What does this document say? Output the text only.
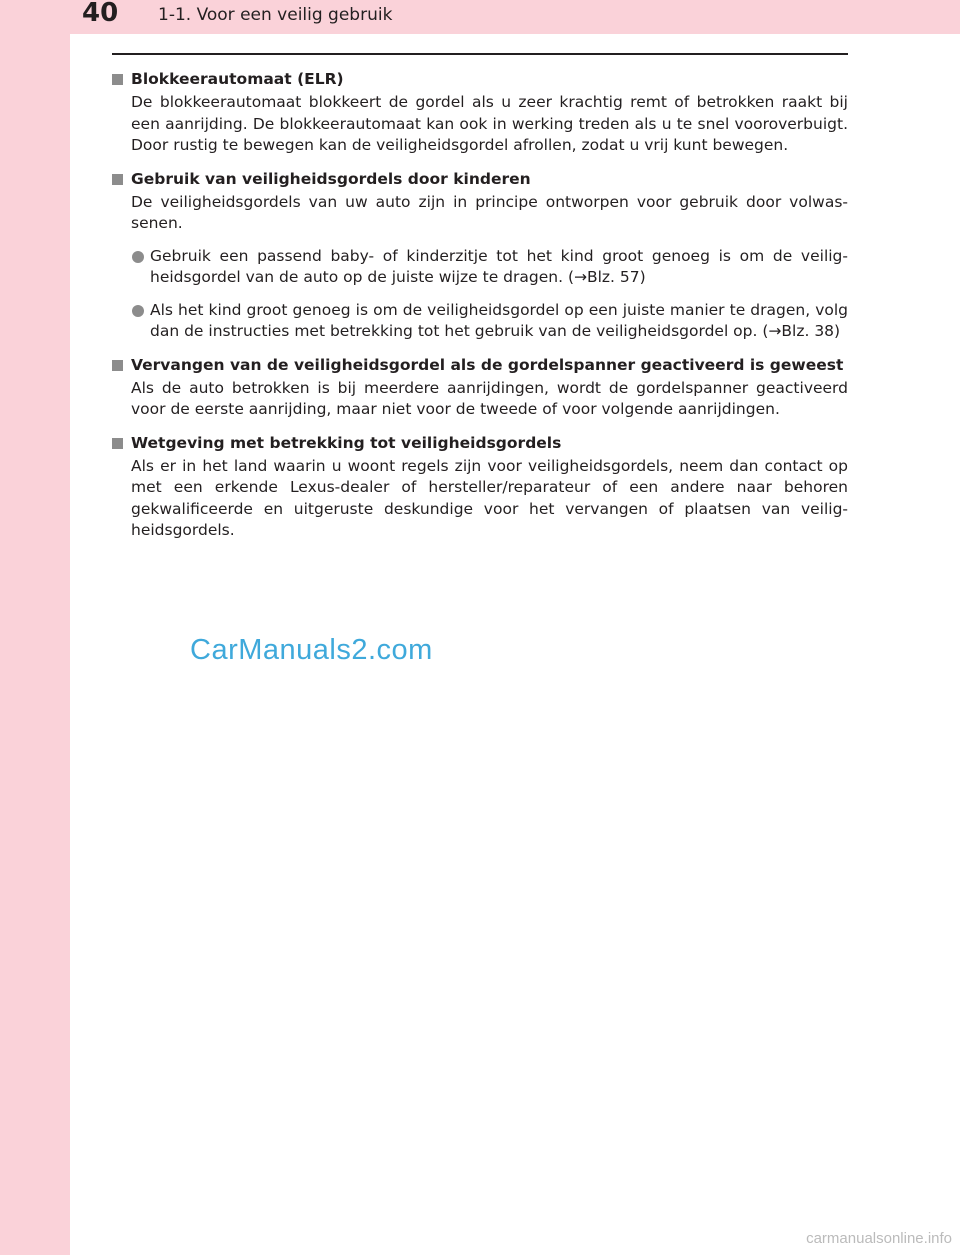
40 1-1. Voor een veilig gebruik
Blokkeerautomaat (ELR)
De blokkeerautomaat blokkeert de gordel als u zeer krachtig remt of betrokken raakt bij een aanrijding. De blokkeerautomaat kan ook in werking treden als u te snel vooroverbuigt. Door rustig te bewegen kan de veiligheidsgordel afrollen, zodat u vrij kunt bewegen.
Gebruik van veiligheidsgordels door kinderen
De veiligheidsgordels van uw auto zijn in principe ontworpen voor gebruik door volwassenen.
Gebruik een passend baby- of kinderzitje tot het kind groot genoeg is om de veiligheidsgordel van de auto op de juiste wijze te dragen. (→Blz. 57)
Als het kind groot genoeg is om de veiligheidsgordel op een juiste manier te dragen, volg dan de instructies met betrekking tot het gebruik van de veiligheidsgordel op. (→Blz. 38)
Vervangen van de veiligheidsgordel als de gordelspanner geactiveerd is geweest
Als de auto betrokken is bij meerdere aanrijdingen, wordt de gordelspanner geactiveerd voor de eerste aanrijding, maar niet voor de tweede of voor volgende aanrijdingen.
Wetgeving met betrekking tot veiligheidsgordels
Als er in het land waarin u woont regels zijn voor veiligheidsgordels, neem dan contact op met een erkende Lexus-dealer of hersteller/reparateur of een andere naar behoren gekwalificeerde en uitgeruste deskundige voor het vervangen of plaatsen van veiligheidsgordels.
CarManuals2.com
carmanualsonline.info
